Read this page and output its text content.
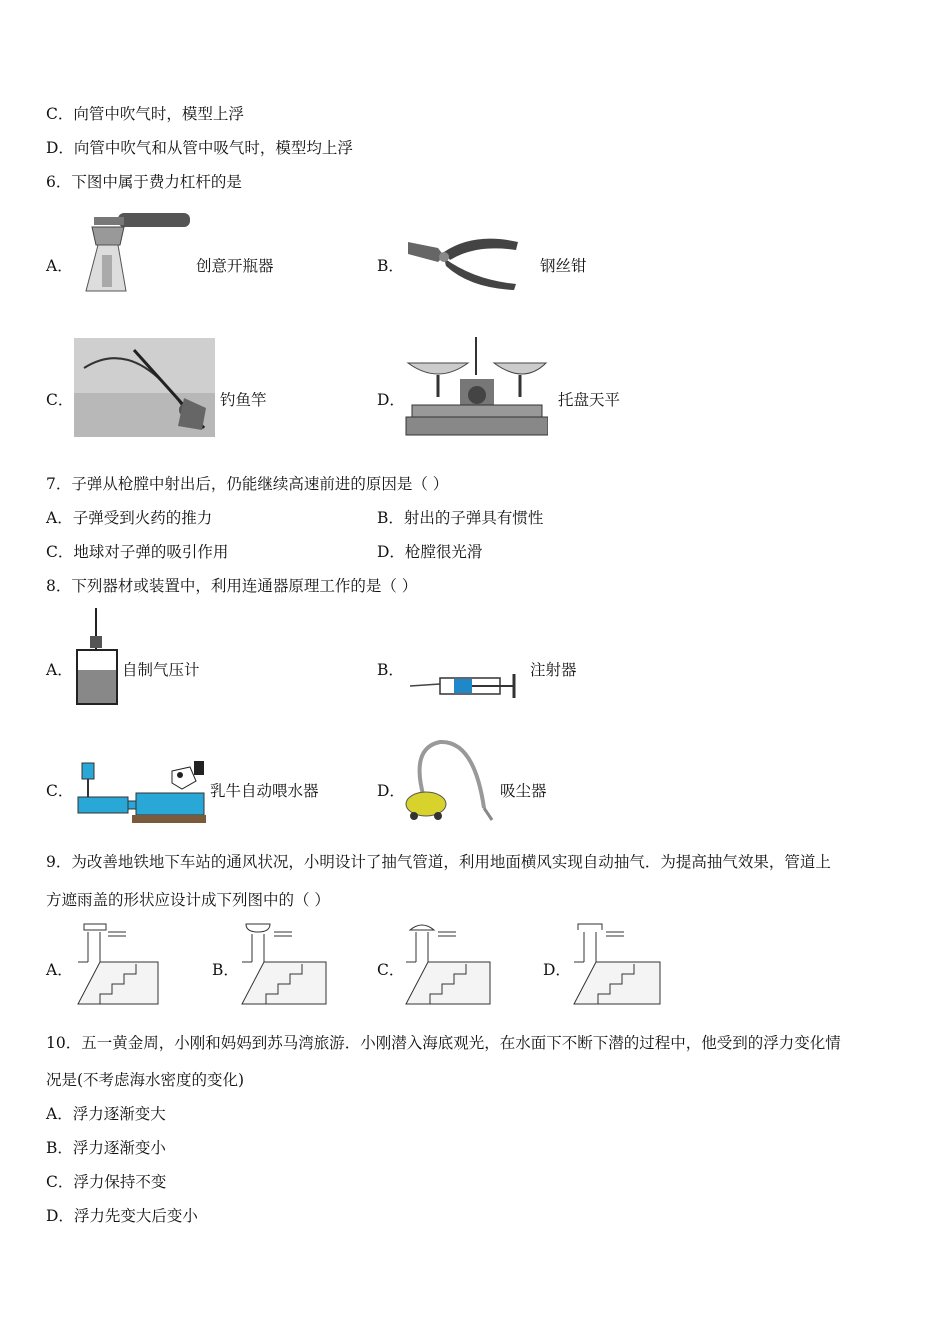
C．向管中吹气时，模型上浮
D．向管中吹气和从管中吸气时，模型均上浮
6．下图中属于费力杠杆的是
A．	创意开瓶器	B．	钢丝钳
C．	钓鱼竿	D．	托盘天平
7．子弹从枪膛中射出后，仍能继续高速前进的原因是（ ）
A．子弹受到火药的推力	B．射出的子弹具有惯性
C．地球对子弹的吸引作用	D．枪膛很光滑
8．下列器材或装置中，利用连通器原理工作的是（ ）
A．	自制气压计	B．	注射器
C．	乳牛自动喂水器	D．	吸尘器
9．为改善地铁地下车站的通风状况，小明设计了抽气管道，利用地面横风实现自动抽气．为提高抽气效果，管道上
方遮雨盖的形状应设计成下列图中的（ ）
A．	B．	C．	D．
10．五一黄金周，小刚和妈妈到苏马湾旅游．小刚潜入海底观光，在水面下不断下潜的过程中，他受到的浮力变化情
况是(不考虑海水密度的变化)
A．浮力逐渐变大
B．浮力逐渐变小
C．浮力保持不变
D．浮力先变大后变小
